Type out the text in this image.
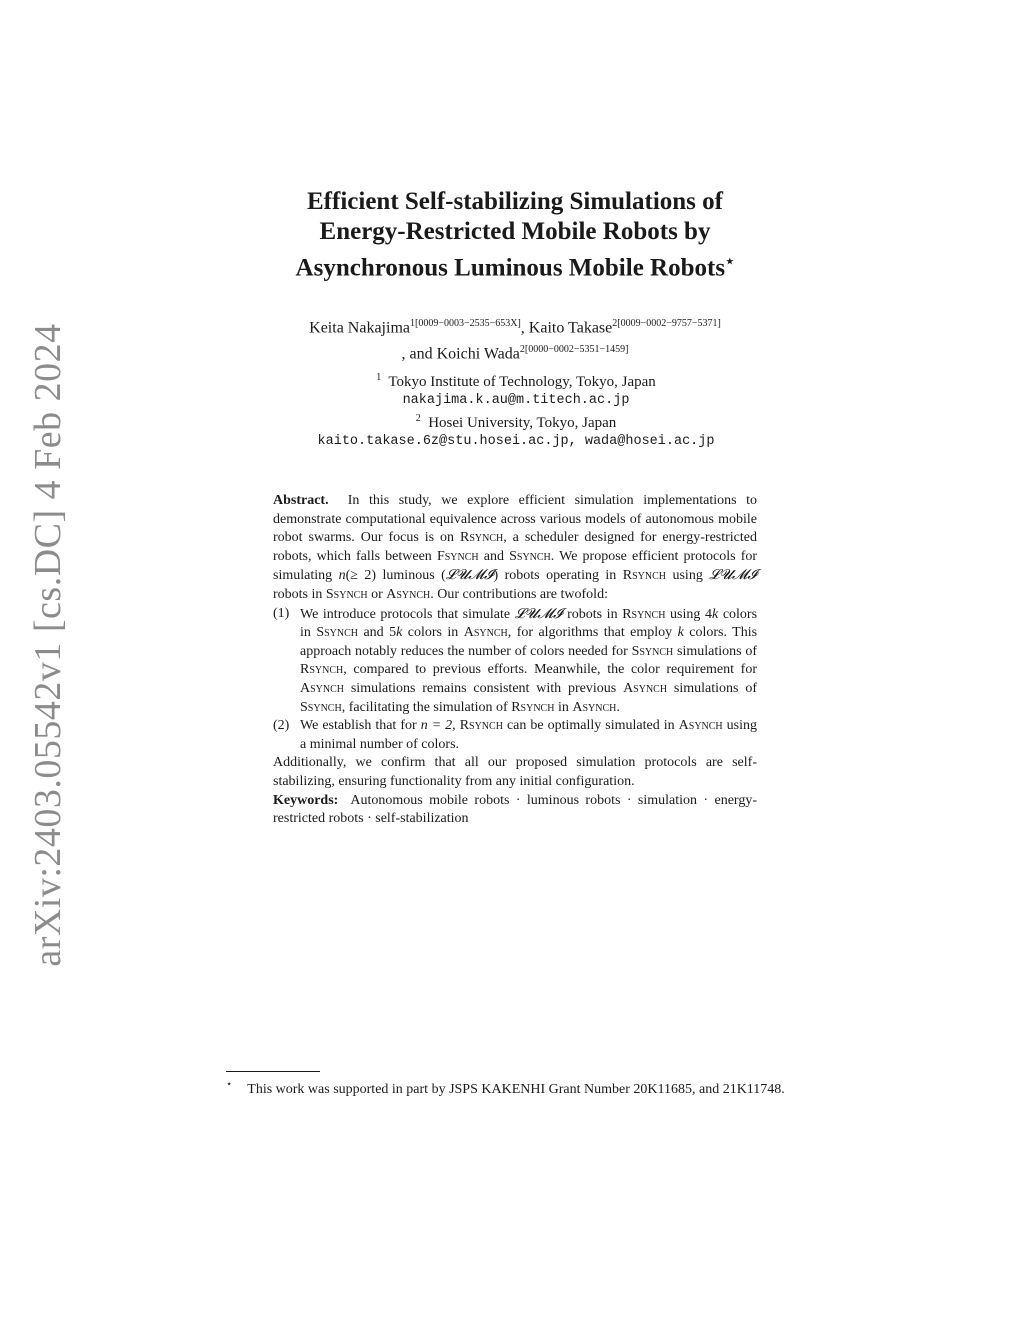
arXiv:2403.05542v1 [cs.DC] 4 Feb 2024
Efficient Self-stabilizing Simulations of
Energy-Restricted Mobile Robots by
Asynchronous Luminous Mobile Robots⋆
Keita Nakajima$^{1[0009-0003-2535-653X]}$, Kaito Takase$^{2[0009-0002-9757-5371]}$
, and Koichi Wada$^{2[0000-0002-5351-1459]}$
$^1$ Tokyo Institute of Technology, Tokyo, Japan
nakajima.k.au@m.titech.ac.jp
$^2$ Hosei University, Tokyo, Japan
kaito.takase.6z@stu.hosei.ac.jp, wada@hosei.ac.jp

Abstract. In this study, we explore efficient simulation implementations to demonstrate computational equivalence across various models of autonomous mobile robot swarms. Our focus is on Rsynch, a scheduler designed for energy-restricted robots, which falls between Fsynch and Ssynch. We propose efficient protocols for simulating n(≥ 2) luminous (𝓛𝓤𝓜𝓘) robots operating in Rsynch using 𝓛𝓤𝓜𝓘 robots in Ssynch or Asynch. Our contributions are twofold:

(1) We introduce protocols that simulate 𝓛𝓤𝓜𝓘 robots in Rsynch using 4k colors in Ssynch and 5k colors in Asynch, for algorithms that employ k colors. This approach notably reduces the number of colors needed for Ssynch simulations of Rsynch, compared to previous efforts. Meanwhile, the color requirement for Asynch simulations remains consistent with previous Asynch simulations of Ssynch, facilitating the simulation of Rsynch in Asynch.
(2) We establish that for n = 2, Rsynch can be optimally simulated in Asynch using a minimal number of colors.

Additionally, we confirm that all our proposed simulation protocols are self-stabilizing, ensuring functionality from any initial configuration.

Keywords: Autonomous mobile robots · luminous robots · simulation · energy-restricted robots · self-stabilization

⋆ This work was supported in part by JSPS KAKENHI Grant Number 20K11685, and 21K11748.
